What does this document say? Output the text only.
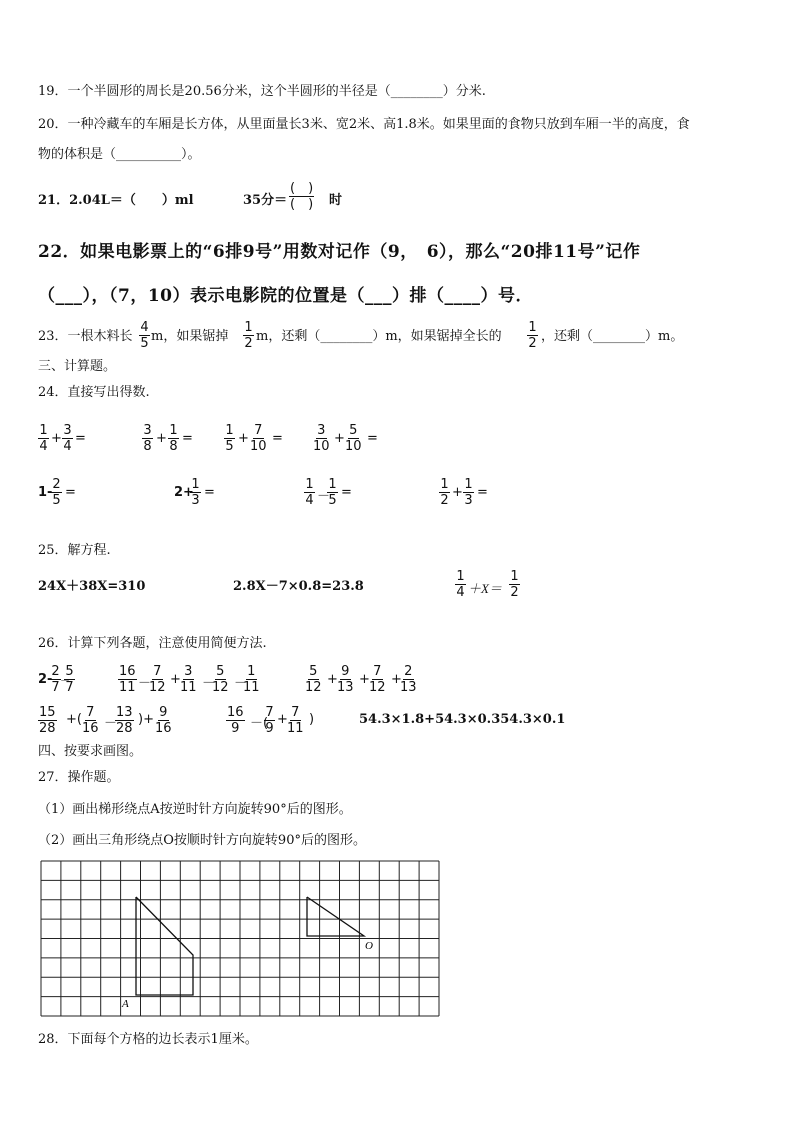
19．一个半圆形的周长是20.56分米，这个半圆形的半径是（________）分米.
20．一种冷藏车的车厢是长方体，从里面量长3米、宽2米、高1.8米。如果里面的食物只放到车厢一半的高度，食
物的体积是（__________）。
21．2.04L＝（　　）ml	35分＝
(　)
(　) 时
22．如果电影票上的“6排9号”用数对记作（9，　6），那么“20排11号”记作
（___），（7，10）表示电影院的位置是（___）排（____）号．
23．一根木料长 $\frac{4}{5}$ m，如果锯掉 $\frac{1}{2}$ m，还剩（________）m，如果锯掉全长的 $\frac{1}{2}$ ，还剩（________）m。
三、计算题。
24．直接写出得数.
$\frac{1}{4} + \frac{3}{4}$ =	$\frac{3}{8} + \frac{1}{8} = \frac{1}{5} + \frac{7}{10} = \frac{3}{10} + \frac{5}{10}$ =
1-
$\frac{2}{5}$ =	2+
$\frac{1}{3}$ =	$\frac{1}{4}$ －
$\frac{1}{5}$ =	$\frac{1}{2} + \frac{1}{3}$ =
25．解方程.
24X＋38X=310	2.8X－7×0.8=23.8	$\frac{1}{4} +X= \frac{1}{2}$
26．计算下列各题，注意使用简便方法.
2-
$\frac{2}{7}$ －
$\frac{5}{7}$	$\frac{16}{11}$ －
$\frac{7}{12} + \frac{3}{11}$ －
$\frac{5}{12}$ －
$\frac{1}{11}$	$\frac{5}{12} + \frac{9}{13} + \frac{7}{12}$ +
$\frac{2}{13}$
$\frac{15}{28}$ +( $\frac{7}{16}$ －
$\frac{13}{28}$ )+ $\frac{9}{16}$	$\frac{16}{9}$ －(
$\frac{7}{9} + \frac{7}{11}$ )	54.3×1.8+54.3×0.354.3×0.1
四、按要求画图。
27．操作题。
（1）画出梯形绕点A按逆时针方向旋转90°后的图形。
（2）画出三角形绕点O按顺时针方向旋转90°后的图形。
A
O
28．下面每个方格的边长表示1厘米。
